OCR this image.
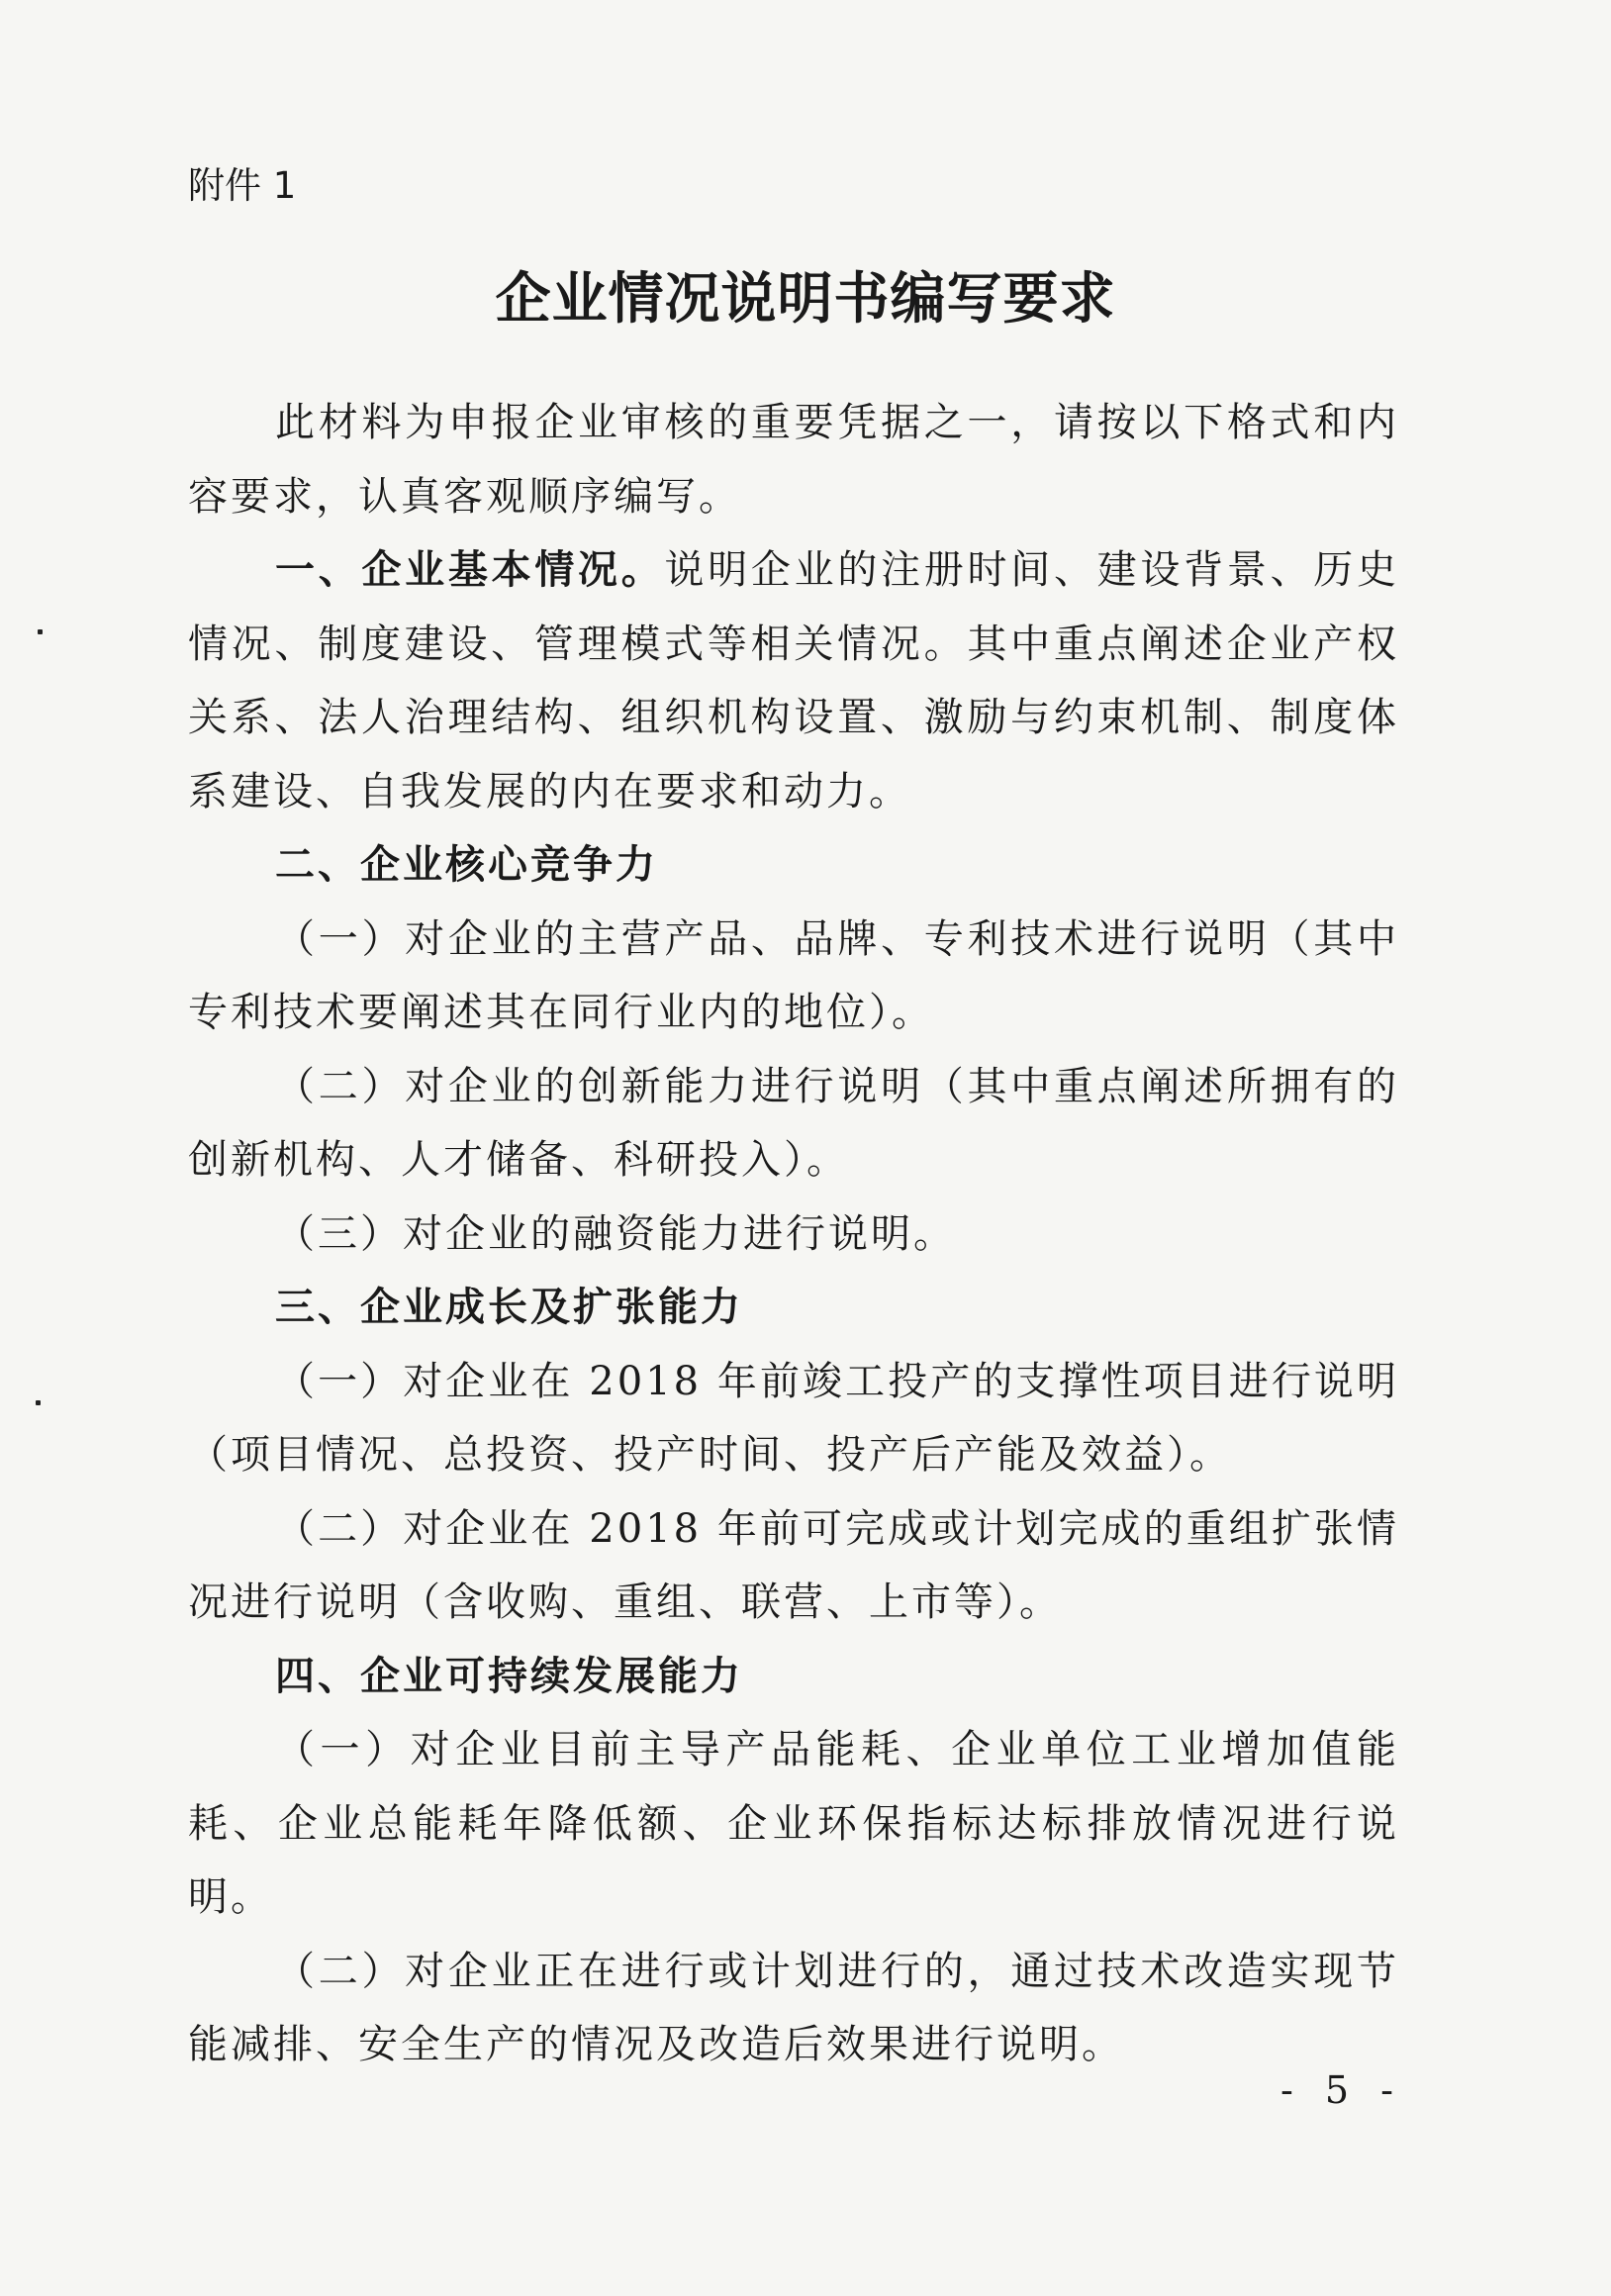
附件 1

企业情况说明书编写要求

此材料为申报企业审核的重要凭据之一，请按以下格式和内容要求，认真客观顺序编写。

一、企业基本情况。说明企业的注册时间、建设背景、历史情况、制度建设、管理模式等相关情况。其中重点阐述企业产权关系、法人治理结构、组织机构设置、激励与约束机制、制度体系建设、自我发展的内在要求和动力。

二、企业核心竞争力

（一）对企业的主营产品、品牌、专利技术进行说明（其中专利技术要阐述其在同行业内的地位）。

（二）对企业的创新能力进行说明（其中重点阐述所拥有的创新机构、人才储备、科研投入）。

（三）对企业的融资能力进行说明。

三、企业成长及扩张能力

（一）对企业在 2018 年前竣工投产的支撑性项目进行说明（项目情况、总投资、投产时间、投产后产能及效益）。

（二）对企业在 2018 年前可完成或计划完成的重组扩张情况进行说明（含收购、重组、联营、上市等）。

四、企业可持续发展能力

（一）对企业目前主导产品能耗、企业单位工业增加值能耗、企业总能耗年降低额、企业环保指标达标排放情况进行说明。

（二）对企业正在进行或计划进行的，通过技术改造实现节能减排、安全生产的情况及改造后效果进行说明。

- 5 -
